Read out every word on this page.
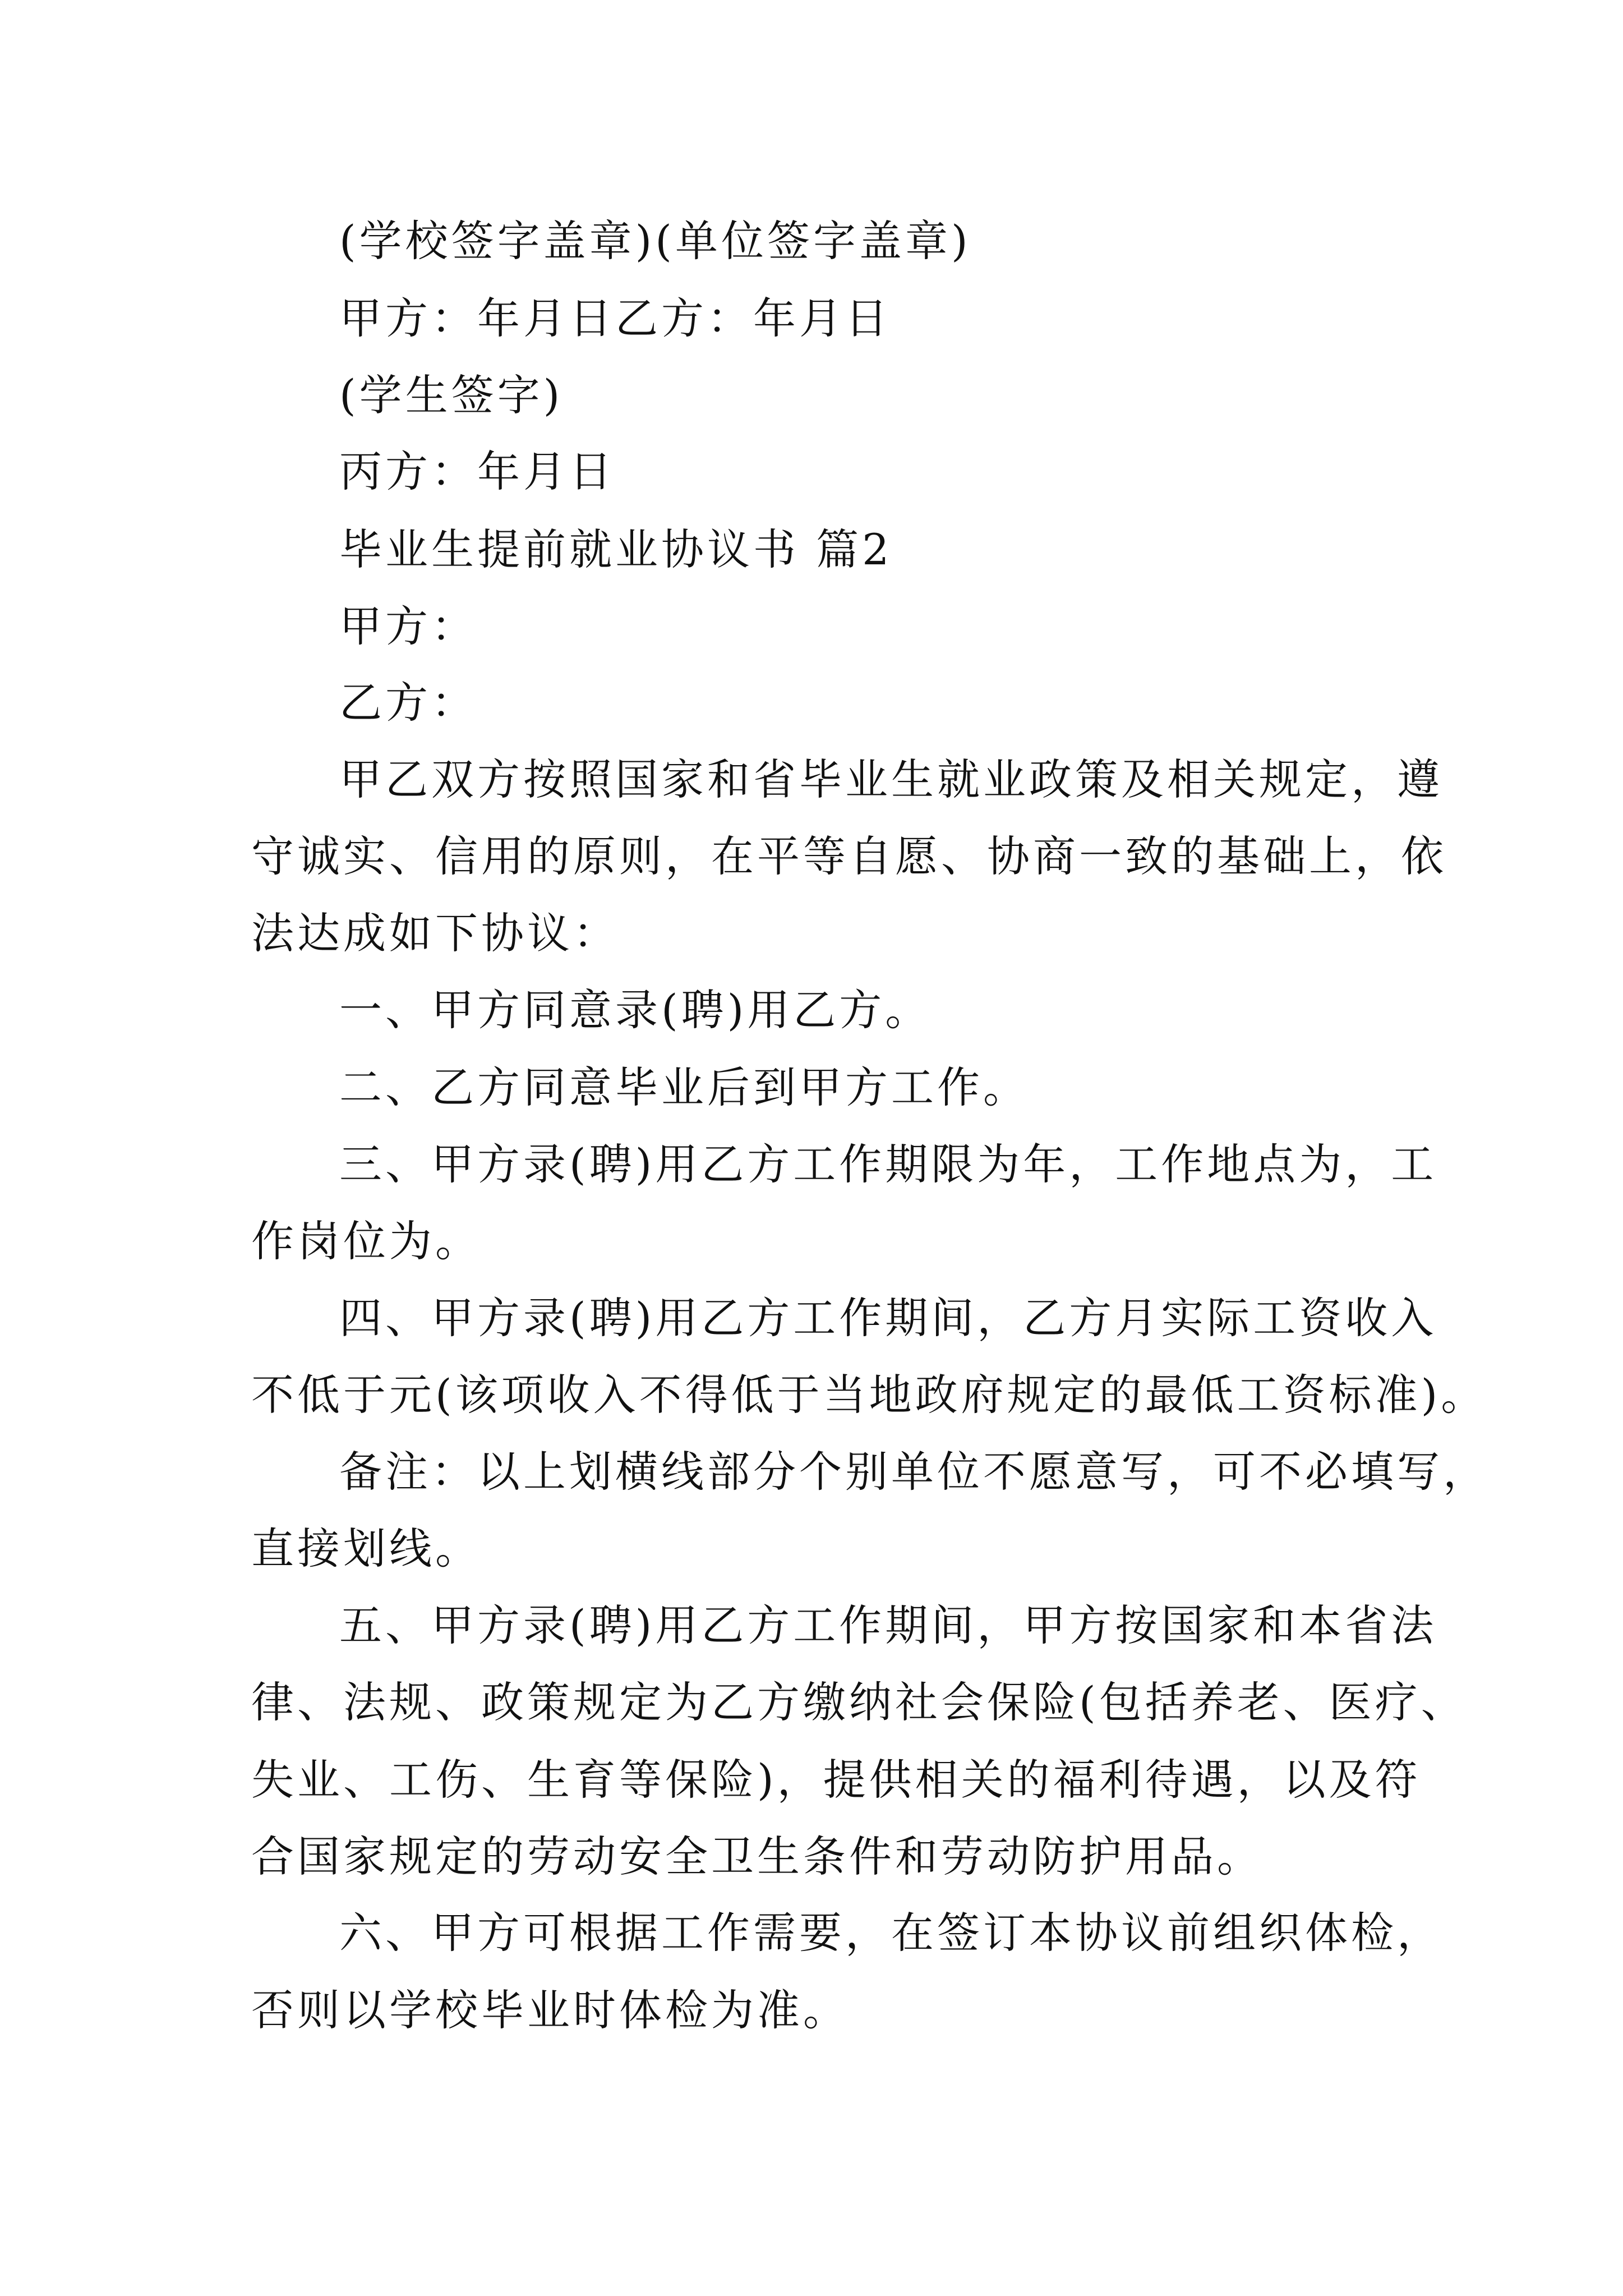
(学校签字盖章)(单位签字盖章)
甲方：年月日乙方：年月日
(学生签字)
丙方：年月日
毕业生提前就业协议书 篇2
甲方：
乙方：
甲乙双方按照国家和省毕业生就业政策及相关规定，遵
守诚实、信用的原则，在平等自愿、协商一致的基础上，依
法达成如下协议：
一、甲方同意录(聘)用乙方。
二、乙方同意毕业后到甲方工作。
三、甲方录(聘)用乙方工作期限为年，工作地点为，工
作岗位为。
四、甲方录(聘)用乙方工作期间，乙方月实际工资收入
不低于元(该项收入不得低于当地政府规定的最低工资标准)。
备注：以上划横线部分个别单位不愿意写，可不必填写，
直接划线。
五、甲方录(聘)用乙方工作期间，甲方按国家和本省法
律、法规、政策规定为乙方缴纳社会保险(包括养老、医疗、
失业、工伤、生育等保险)，提供相关的福利待遇，以及符
合国家规定的劳动安全卫生条件和劳动防护用品。
六、甲方可根据工作需要，在签订本协议前组织体检，
否则以学校毕业时体检为准。
